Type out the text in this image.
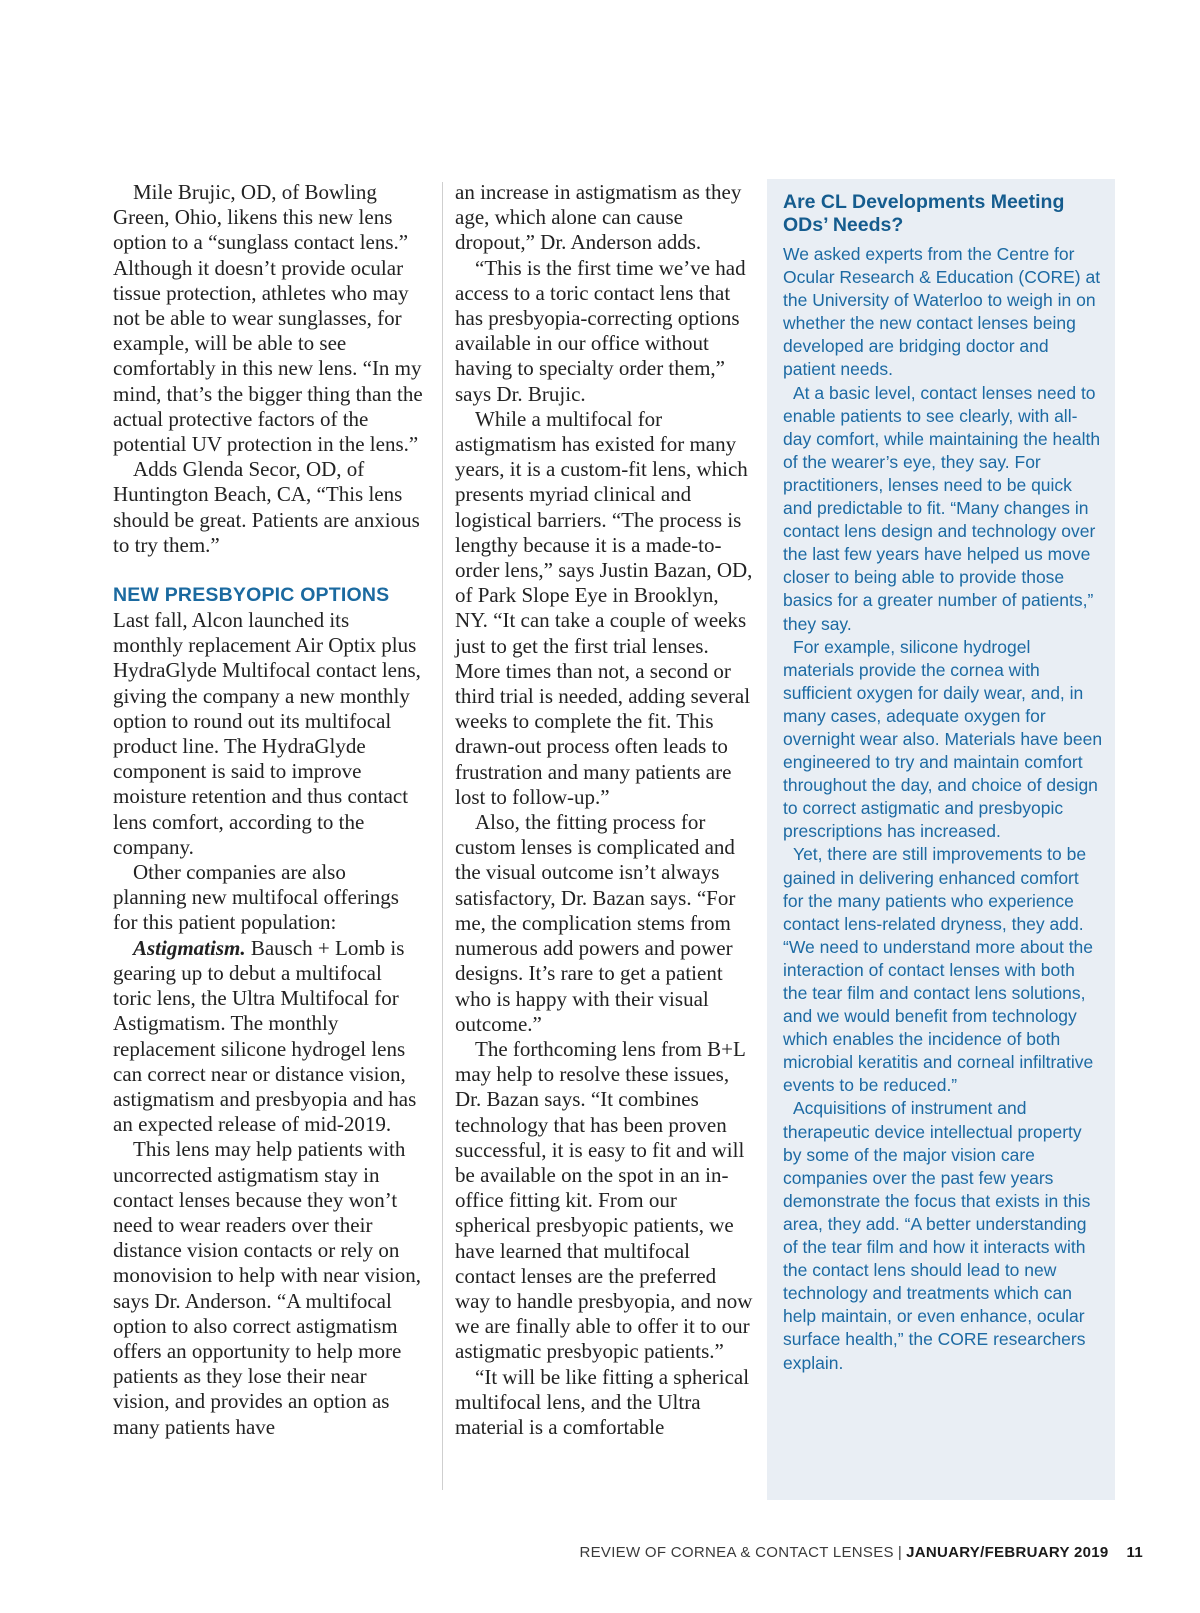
Mile Brujic, OD, of Bowling Green, Ohio, likens this new lens option to a “sunglass contact lens.” Although it doesn’t provide ocular tissue protection, athletes who may not be able to wear sunglasses, for example, will be able to see comfortably in this new lens. “In my mind, that’s the bigger thing than the actual protective factors of the potential UV protection in the lens.”

Adds Glenda Secor, OD, of Huntington Beach, CA, “This lens should be great. Patients are anxious to try them.”

NEW PRESBYOPIC OPTIONS

Last fall, Alcon launched its monthly replacement Air Optix plus HydraGlyde Multifocal contact lens, giving the company a new monthly option to round out its multifocal product line. The HydraGlyde component is said to improve moisture retention and thus contact lens comfort, according to the company.

Other companies are also planning new multifocal offerings for this patient population:

Astigmatism. Bausch + Lomb is gearing up to debut a multifocal toric lens, the Ultra Multifocal for Astigmatism. The monthly replacement silicone hydrogel lens can correct near or distance vision, astigmatism and presbyopia and has an expected release of mid-2019.

This lens may help patients with uncorrected astigmatism stay in contact lenses because they won’t need to wear readers over their distance vision contacts or rely on monovision to help with near vision, says Dr. Anderson. “A multifocal option to also correct astigmatism offers an opportunity to help more patients as they lose their near vision, and provides an option as many patients have

an increase in astigmatism as they age, which alone can cause dropout,” Dr. Anderson adds.

“This is the first time we’ve had access to a toric contact lens that has presbyopia-correcting options available in our office without having to specialty order them,” says Dr. Brujic.

While a multifocal for astigmatism has existed for many years, it is a custom-fit lens, which presents myriad clinical and logistical barriers. “The process is lengthy because it is a made-to-order lens,” says Justin Bazan, OD, of Park Slope Eye in Brooklyn, NY. “It can take a couple of weeks just to get the first trial lenses. More times than not, a second or third trial is needed, adding several weeks to complete the fit. This drawn-out process often leads to frustration and many patients are lost to follow-up.”

Also, the fitting process for custom lenses is complicated and the visual outcome isn’t always satisfactory, Dr. Bazan says. “For me, the complication stems from numerous add powers and power designs. It’s rare to get a patient who is happy with their visual outcome.”

The forthcoming lens from B+L may help to resolve these issues, Dr. Bazan says. “It combines technology that has been proven successful, it is easy to fit and will be available on the spot in an in-office fitting kit. From our spherical presbyopic patients, we have learned that multifocal contact lenses are the preferred way to handle presbyopia, and now we are finally able to offer it to our astigmatic presbyopic patients.”

“It will be like fitting a spherical multifocal lens, and the Ultra material is a comfortable

Are CL Developments Meeting ODs’ Needs?

We asked experts from the Centre for Ocular Research & Education (CORE) at the University of Waterloo to weigh in on whether the new contact lenses being developed are bridging doctor and patient needs.

At a basic level, contact lenses need to enable patients to see clearly, with all-day comfort, while maintaining the health of the wearer’s eye, they say. For practitioners, lenses need to be quick and predictable to fit. “Many changes in contact lens design and technology over the last few years have helped us move closer to being able to provide those basics for a greater number of patients,” they say.

For example, silicone hydrogel materials provide the cornea with sufficient oxygen for daily wear, and, in many cases, adequate oxygen for overnight wear also. Materials have been engineered to try and maintain comfort throughout the day, and choice of design to correct astigmatic and presbyopic prescriptions has increased.

Yet, there are still improvements to be gained in delivering enhanced comfort for the many patients who experience contact lens-related dryness, they add. “We need to understand more about the interaction of contact lenses with both the tear film and contact lens solutions, and we would benefit from technology which enables the incidence of both microbial keratitis and corneal infiltrative events to be reduced.”

Acquisitions of instrument and therapeutic device intellectual property by some of the major vision care companies over the past few years demonstrate the focus that exists in this area, they add. “A better understanding of the tear film and how it interacts with the contact lens should lead to new technology and treatments which can help maintain, or even enhance, ocular surface health,” the CORE researchers explain.

REVIEW OF CORNEA & CONTACT LENSES | JANUARY/FEBRUARY 2019 11
